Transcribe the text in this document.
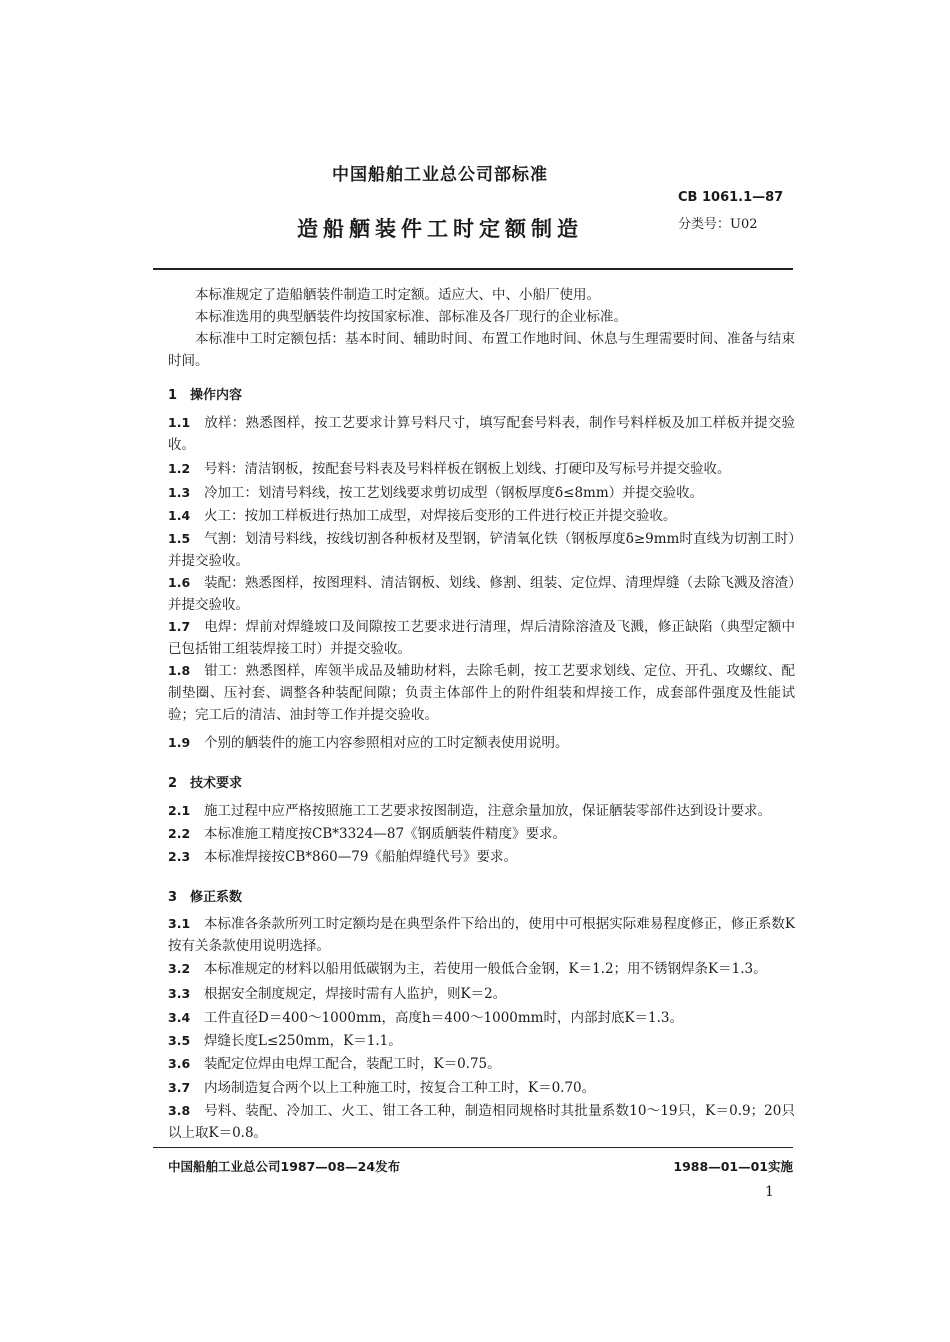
中国船舶工业总公司部标准
CB 1061.1—87
造船舾装件工时定额制造	分类号：U02
本标准规定了造船舾装件制造工时定额。适应大、中、小船厂使用。
本标准选用的典型舾装件均按国家标准、部标准及各厂现行的企业标准。
本标准中工时定额包括：基本时间、辅助时间、布置工作地时间、休息与生理需要时间、准备与结束时间。
1 操作内容
1.1 放样：熟悉图样，按工艺要求计算号料尺寸，填写配套号料表，制作号料样板及加工样板并提交验收。
1.2 号料：清洁钢板，按配套号料表及号料样板在钢板上划线、打硬印及写标号并提交验收。
1.3 冷加工：划清号料线，按工艺划线要求剪切成型（钢板厚度δ≤8mm）并提交验收。
1.4 火工：按加工样板进行热加工成型，对焊接后变形的工件进行校正并提交验收。
1.5 气割：划清号料线，按线切割各种板材及型钢，铲清氧化铁（钢板厚度δ≥9mm时直线为切割工时）并提交验收。
1.6 装配：熟悉图样，按图理料、清洁钢板、划线、修割、组装、定位焊、清理焊缝（去除飞溅及溶渣）并提交验收。
1.7 电焊：焊前对焊缝坡口及间隙按工艺要求进行清理，焊后清除溶渣及飞溅，修正缺陷（典型定额中已包括钳工组装焊接工时）并提交验收。
1.8 钳工：熟悉图样，库领半成品及辅助材料，去除毛刺，按工艺要求划线、定位、开孔、攻螺纹、配制垫圈、压衬套、调整各种装配间隙；负责主体部件上的附件组装和焊接工作，成套部件强度及性能试验；完工后的清洁、油封等工作并提交验收。
1.9 个别的舾装件的施工内容参照相对应的工时定额表使用说明。
2 技术要求
2.1 施工过程中应严格按照施工工艺要求按图制造，注意余量加放，保证舾装零部件达到设计要求。
2.2 本标准施工精度按CB*3324—87《钢质舾装件精度》要求。
2.3 本标准焊接按CB*860—79《船舶焊缝代号》要求。
3 修正系数
3.1 本标准各条款所列工时定额均是在典型条件下给出的，使用中可根据实际难易程度修正，修正系数K按有关条款使用说明选择。
3.2 本标准规定的材料以船用低碳钢为主，若使用一般低合金钢，K＝1.2；用不锈钢焊条K＝1.3。
3.3 根据安全制度规定，焊接时需有人监护，则K＝2。
3.4 工件直径D＝400～1000mm，高度h＝400～1000mm时，内部封底K＝1.3。
3.5 焊缝长度L≤250mm，K＝1.1。
3.6 装配定位焊由电焊工配合，装配工时，K＝0.75。
3.7 内场制造复合两个以上工种施工时，按复合工种工时，K＝0.70。
3.8 号料、装配、冷加工、火工、钳工各工种，制造相同规格时其批量系数10～19只，K＝0.9；20只以上取K＝0.8。
中国船舶工业总公司1987—08—24发布	1988—01—01实施
1
